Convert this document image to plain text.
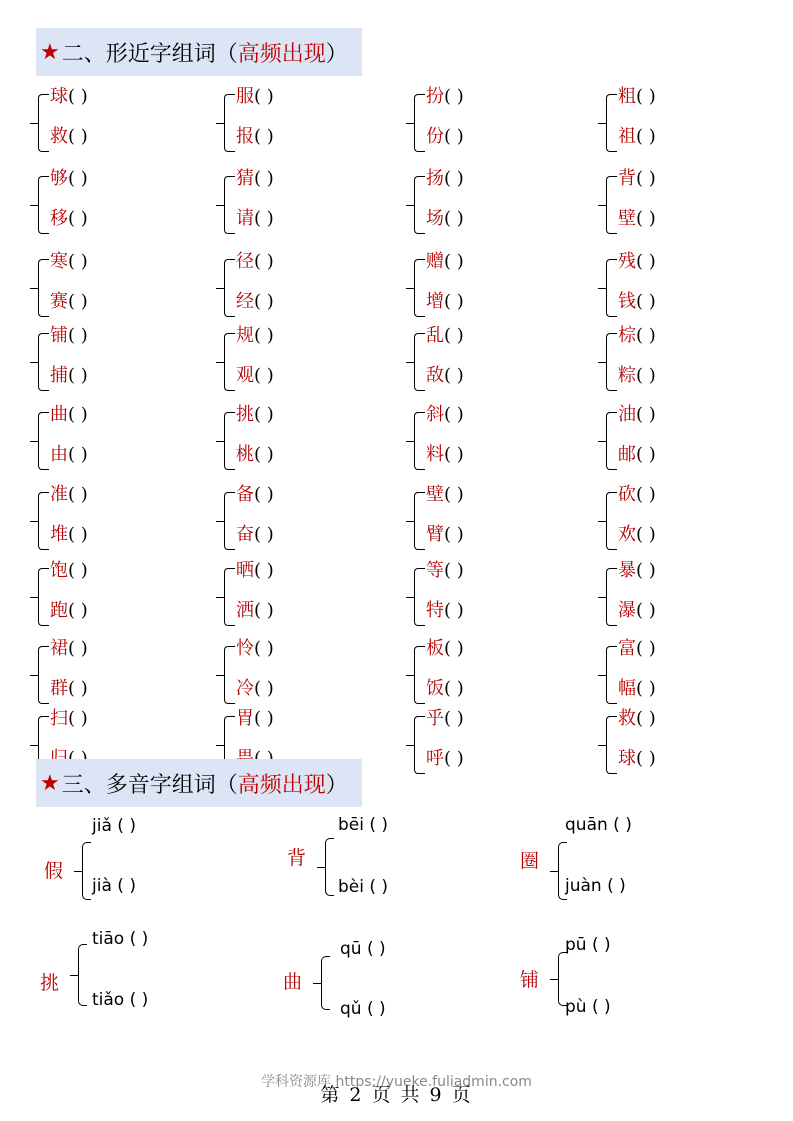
★ 二、形近字组词 （ 高频出现 ）
球( )
救( )
服( )
报( )
扮( )
份( )
粗( )
祖( )
够( )
移( )
猜( )
请( )
扬( )
场( )
背( )
壁( )
寒( )
赛( )
径( )
经( )
赠( )
增( )
残( )
钱( )
铺( )
捕( )
规( )
观( )
乱( )
敌( )
棕( )
粽( )
曲( )
由( )
挑( )
桃( )
斜( )
料( )
油( )
邮( )
准( )
堆( )
备( )
奋( )
壁( )
臂( )
砍( )
欢( )
饱( )
跑( )
晒( )
洒( )
等( )
特( )
暴( )
瀑( )
裙( )
群( )
怜( )
冷( )
板( )
饭( )
富( )
幅( )
扫( )	胃( )	乎( )
呼( )
救( )
球( )
★ 三、多音字组词 （ 高频出现 ）
假
jiǎ ( )
jià ( )
背
bēi ( )
bèi ( )
圈
quān ( )
juàn ( )
挑
tiāo ( )
tiǎo ( )
曲
qū ( )
qǔ ( )
铺
pū ( )
pù ( )
学科资源库 https://yueke.fuliadmin.com
第 2 页 共 9 页
